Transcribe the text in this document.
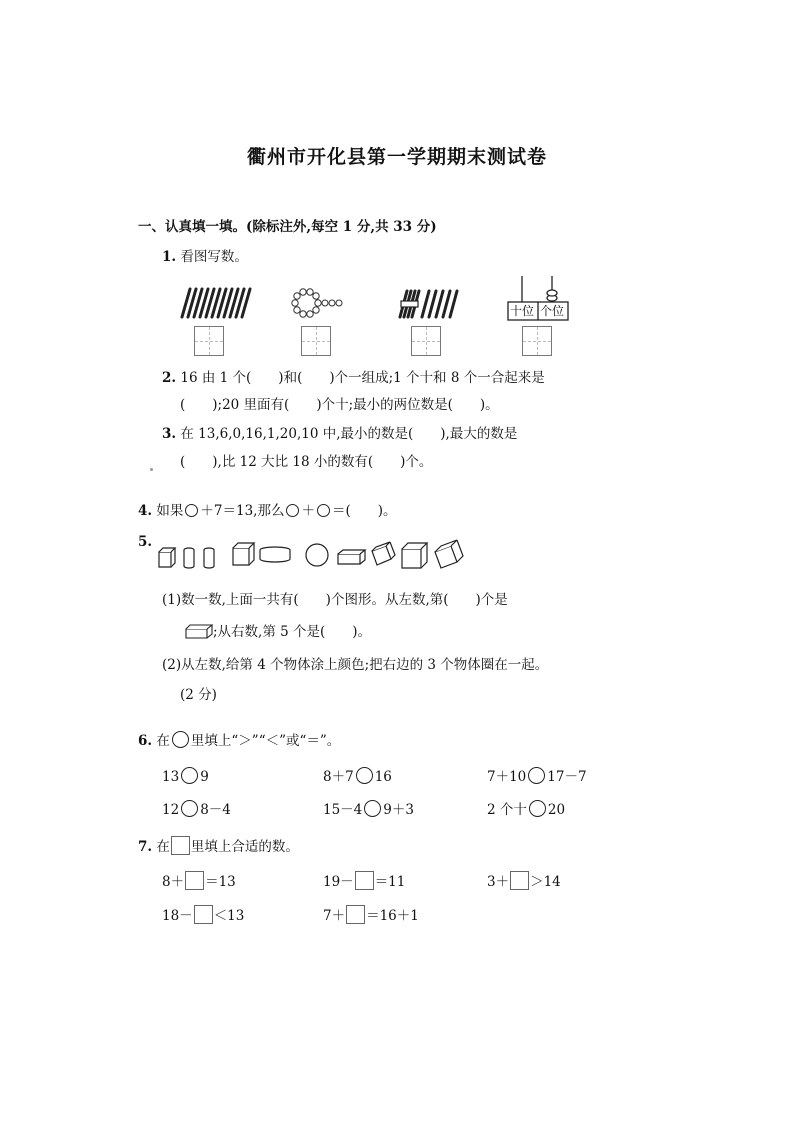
衢州市开化县第一学期期末测试卷
一、认真填一填。(除标注外,每空 1 分,共 33 分)
1. 看图写数。
十位 个位
2. 16 由 1 个(　　)和(　　)个一组成;1 个十和 8 个一合起来是
(　　);20 里面有(　　)个十;最小的两位数是(　　)。
3. 在 13,6,0,16,1,20,10 中,最小的数是(　　),最大的数是
(　　),比 12 大比 18 小的数有(　　)个。
4. 如果 ＋7＝13,那么 ＋ ＝(　　)。
5.
(1)数一数,上面一共有(　　)个图形。从左数,第(　　)个是
;从右数,第 5 个是(　　)。
(2)从左数,给第 4 个物体涂上颜色;把右边的 3 个物体圈在一起。
(2 分)
6. 在 里填上“＞”“＜”或“＝”。
13 9	8＋7 16	7＋10 17－7
12 8－4	15－4 9＋3	2 个十 20
7. 在 里填上合适的数。
8＋ ＝13	19－ ＝11	3＋ ＞14
18－ ＜13	7＋ ＝16＋1
